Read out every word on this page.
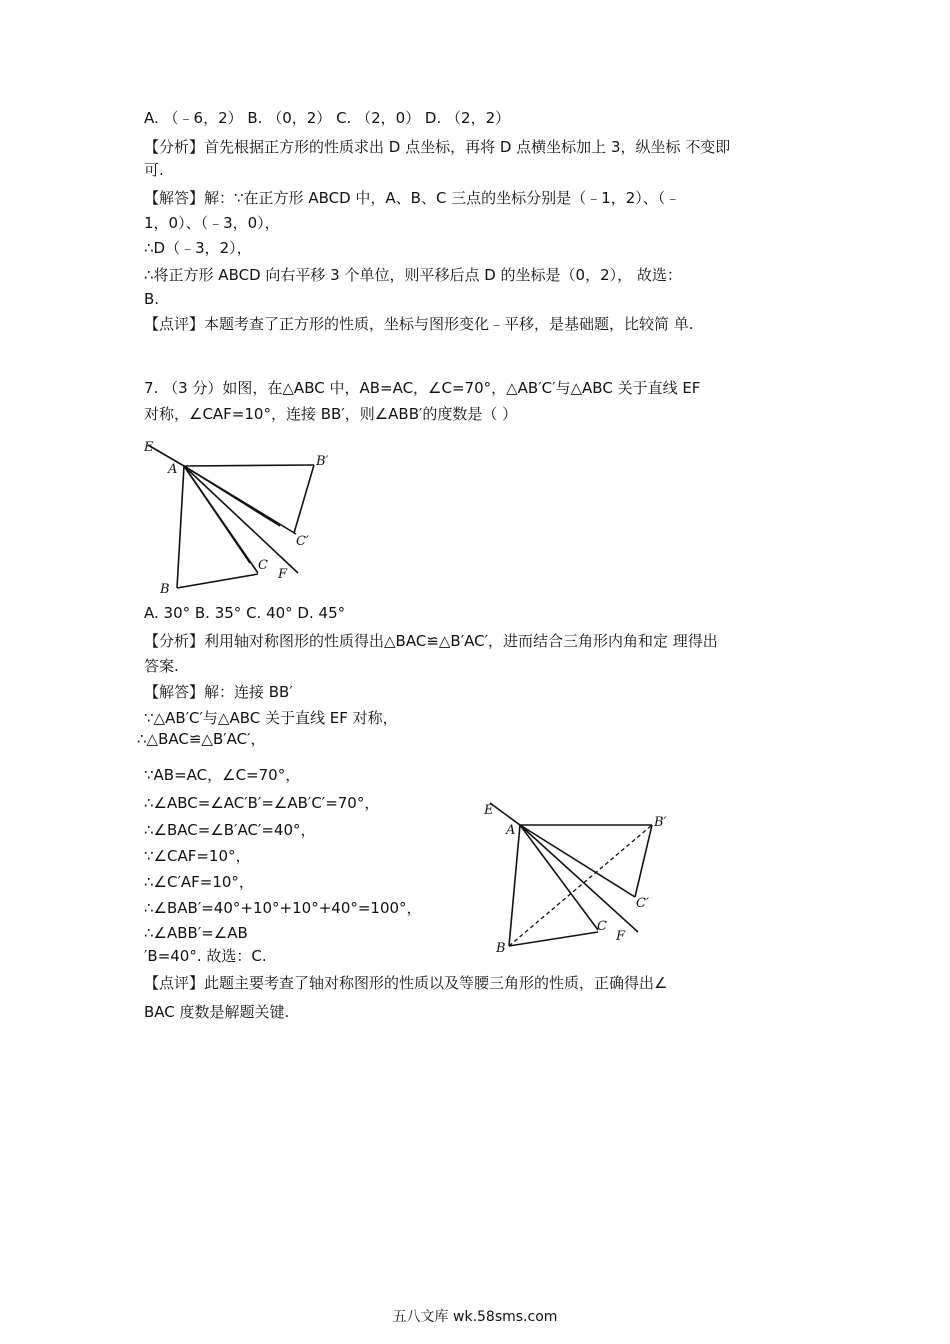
A. （﹣6，2） B. （0，2） C. （2，0） D. （2，2）
【分析】首先根据正方形的性质求出 D 点坐标，再将 D 点横坐标加上 3，纵坐标 不变即
可.
【解答】解：∵在正方形 ABCD 中，A、B、C 三点的坐标分别是（﹣1，2）、（﹣
1，0）、（﹣3，0），
∴D（﹣3，2），
∴将正方形 ABCD 向右平移 3 个单位，则平移后点 D 的坐标是（0，2）， 故选：
B.
【点评】本题考查了正方形的性质，坐标与图形变化﹣平移，是基础题，比较简 单.
7. （3 分）如图，在△ABC 中，AB=AC，∠C=70°，△AB′C′与△ABC 关于直线 EF
对称，∠CAF=10°，连接 BB′，则∠ABB′的度数是（ ）
E
A
B′
C′
C
F
B
A. 30° B. 35° C. 40° D. 45°
【分析】利用轴对称图形的性质得出△BAC≌△B′AC′，进而结合三角形内角和定 理得出
答案.
【解答】解：连接 BB′
∵△AB′C′与△ABC 关于直线 EF 对称，
∴△BAC≌△B′AC′，
∵AB=AC，∠C=70°，
∴∠ABC=∠AC′B′=∠AB′C′=70°，
∴∠BAC=∠B′AC′=40°，
∵∠CAF=10°，
∴∠C′AF=10°，
∴∠BAB′=40°+10°+10°+40°=100°，
∴∠ABB′=∠AB
′B=40°. 故选：C.
E
A
B′
C′
C
F
B
【点评】此题主要考查了轴对称图形的性质以及等腰三角形的性质，正确得出∠
BAC 度数是解题关键.
五八文库 wk.58sms.com
